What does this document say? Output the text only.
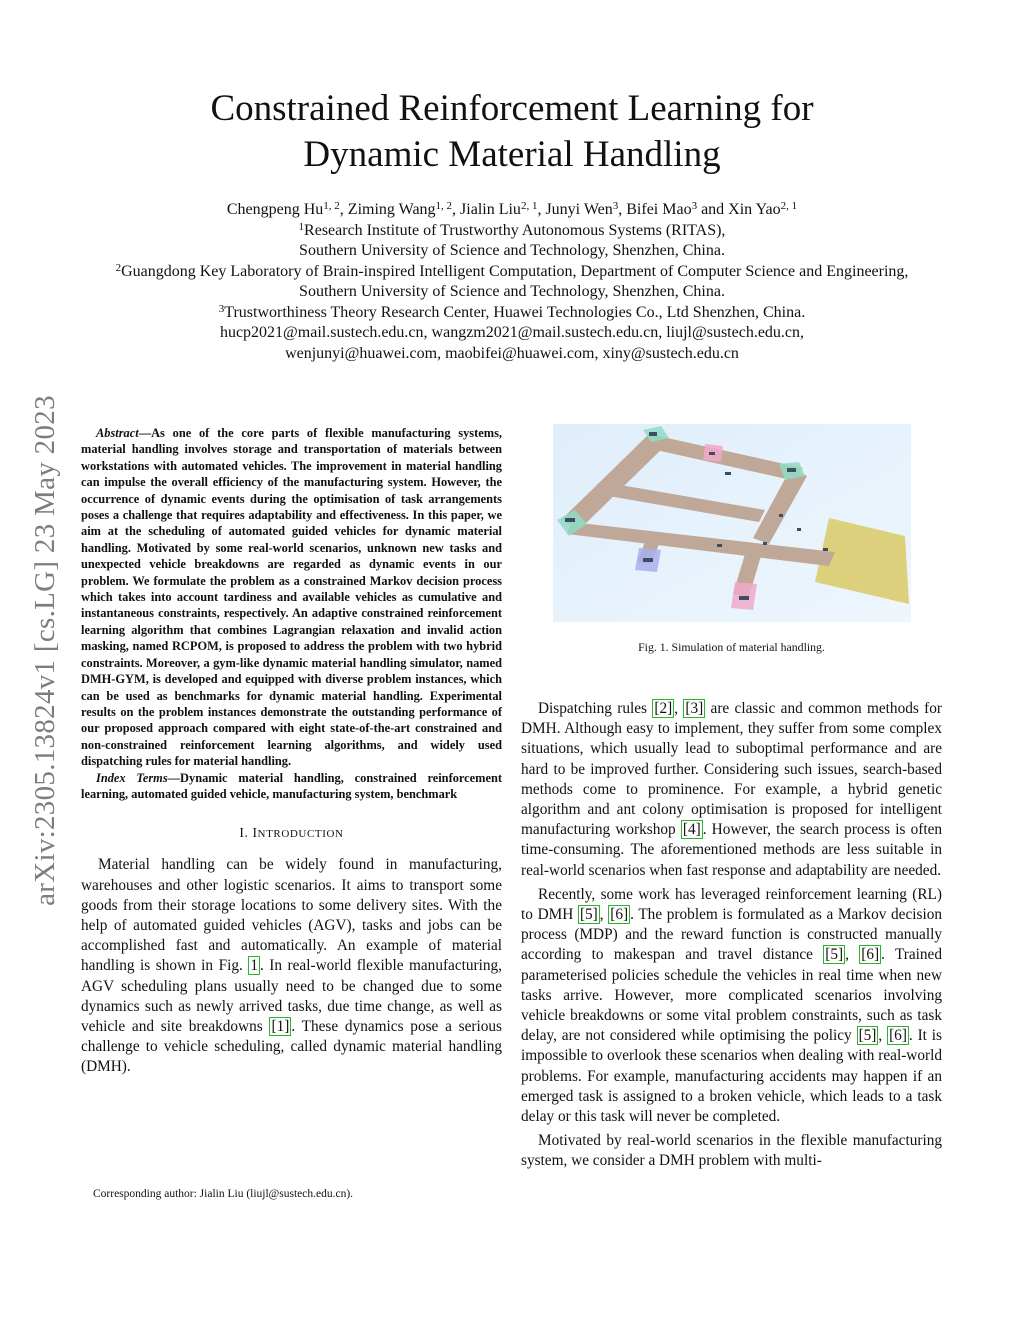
arXiv:2305.13824v1 [cs.LG] 23 May 2023
Constrained Reinforcement Learning for
Dynamic Material Handling
Chengpeng Hu$^{1, 2}$, Ziming Wang$^{1, 2}$, Jialin Liu$^{2, 1}$, Junyi Wen$^3$, Bifei Mao$^3$ and Xin Yao$^{2, 1}$
$^1$Research Institute of Trustworthy Autonomous Systems (RITAS),
Southern University of Science and Technology, Shenzhen, China.
$^2$Guangdong Key Laboratory of Brain-inspired Intelligent Computation, Department of Computer Science and Engineering,
Southern University of Science and Technology, Shenzhen, China.
$^3$Trustworthiness Theory Research Center, Huawei Technologies Co., Ltd Shenzhen, China.
hucp2021@mail.sustech.edu.cn, wangzm2021@mail.sustech.edu.cn, liujl@sustech.edu.cn,
wenjunyi@huawei.com, maobifei@huawei.com, xiny@sustech.edu.cn

Abstract—As one of the core parts of flexible manufacturing systems, material handling involves storage and transportation of materials between workstations with automated vehicles. The improvement in material handling can impulse the overall efficiency of the manufacturing system. However, the occurrence of dynamic events during the optimisation of task arrangements poses a challenge that requires adaptability and effectiveness. In this paper, we aim at the scheduling of automated guided vehicles for dynamic material handling. Motivated by some real-world scenarios, unknown new tasks and unexpected vehicle breakdowns are regarded as dynamic events in our problem. We formulate the problem as a constrained Markov decision process which takes into account tardiness and available vehicles as cumulative and instantaneous constraints, respectively. An adaptive constrained reinforcement learning algorithm that combines Lagrangian relaxation and invalid action masking, named RCPOM, is proposed to address the problem with two hybrid constraints. Moreover, a gym-like dynamic material handling simulator, named DMH-GYM, is developed and equipped with diverse problem instances, which can be used as benchmarks for dynamic material handling. Experimental results on the problem instances demonstrate the outstanding performance of our proposed approach compared with eight state-of-the-art constrained and non-constrained reinforcement learning algorithms, and widely used dispatching rules for material handling.

Index Terms—Dynamic material handling, constrained reinforcement learning, automated guided vehicle, manufacturing system, benchmark

I. INTRODUCTION

Material handling can be widely found in manufacturing, warehouses and other logistic scenarios. It aims to transport some goods from their storage locations to some delivery sites. With the help of automated guided vehicles (AGV), tasks and jobs can be accomplished fast and automatically. An example of material handling is shown in Fig. 1 . In real-world flexible manufacturing, AGV scheduling plans usually need to be changed due to some dynamics such as newly arrived tasks, due time change, as well as vehicle and site breakdowns [1] . These dynamics pose a serious challenge to vehicle scheduling, called dynamic material handling (DMH).

Corresponding author: Jialin Liu (liujl@sustech.edu.cn).
Fig. 1. Simulation of material handling.

Dispatching rules [2] , [3] are classic and common methods for DMH. Although easy to implement, they suffer from some complex situations, which usually lead to suboptimal performance and are hard to be improved further. Considering such issues, search-based methods come to prominence. For example, a hybrid genetic algorithm and ant colony optimisation is proposed for intelligent manufacturing workshop [4] . However, the search process is often time-consuming. The aforementioned methods are less suitable in real-world scenarios when fast response and adaptability are needed.

Recently, some work has leveraged reinforcement learning (RL) to DMH [5] , [6] . The problem is formulated as a Markov decision process (MDP) and the reward function is constructed manually according to makespan and travel distance [5] , [6] . Trained parameterised policies schedule the vehicles in real time when new tasks arrive. However, more complicated scenarios involving vehicle breakdowns or some vital problem constraints, such as task delay, are not considered while optimising the policy [5] , [6] . It is impossible to overlook these scenarios when dealing with real-world problems. For example, manufacturing accidents may happen if an emerged task is assigned to a broken vehicle, which leads to a task delay or this task will never be completed.

Motivated by real-world scenarios in the flexible manufacturing system, we consider a DMH problem with multi-
